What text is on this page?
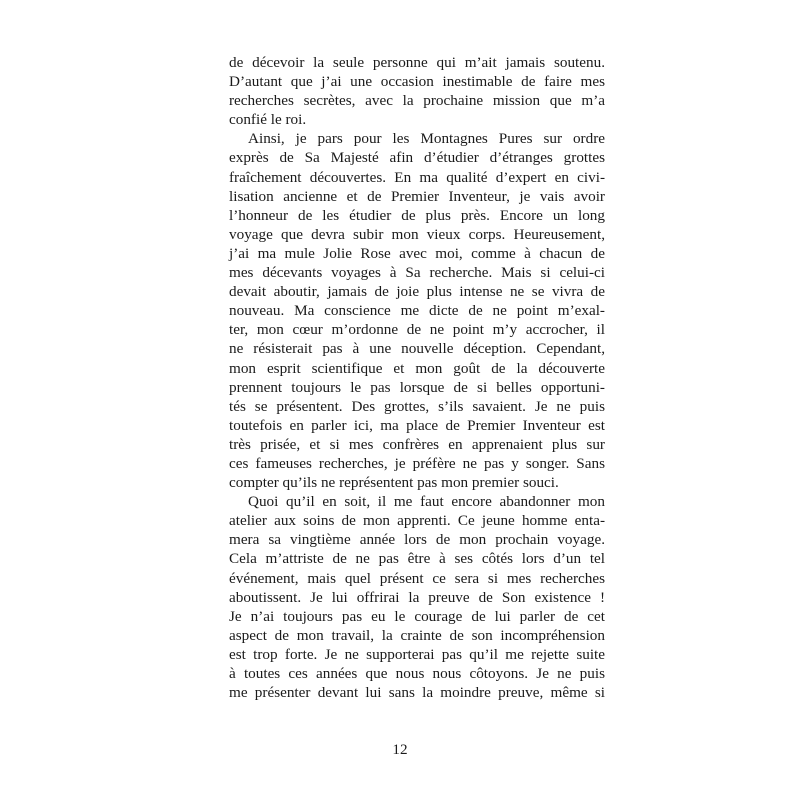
de décevoir la seule personne qui m’ait jamais soutenu.
D’autant que j’ai une occasion inestimable de faire mes
recherches secrètes, avec la prochaine mission que m’a
confié le roi.
Ainsi, je pars pour les Montagnes Pures sur ordre
exprès de Sa Majesté afin d’étudier d’étranges grottes
fraîchement découvertes. En ma qualité d’expert en civi-
lisation ancienne et de Premier Inventeur, je vais avoir
l’honneur de les étudier de plus près. Encore un long
voyage que devra subir mon vieux corps. Heureusement,
j’ai ma mule Jolie Rose avec moi, comme à chacun de
mes décevants voyages à Sa recherche. Mais si celui-ci
devait aboutir, jamais de joie plus intense ne se vivra de
nouveau. Ma conscience me dicte de ne point m’exal-
ter, mon cœur m’ordonne de ne point m’y accrocher, il
ne résisterait pas à une nouvelle déception. Cependant,
mon esprit scientifique et mon goût de la découverte
prennent toujours le pas lorsque de si belles opportuni-
tés se présentent. Des grottes, s’ils savaient. Je ne puis
toutefois en parler ici, ma place de Premier Inventeur est
très prisée, et si mes confrères en apprenaient plus sur
ces fameuses recherches, je préfère ne pas y songer. Sans
compter qu’ils ne représentent pas mon premier souci.
Quoi qu’il en soit, il me faut encore abandonner mon
atelier aux soins de mon apprenti. Ce jeune homme enta-
mera sa vingtième année lors de mon prochain voyage.
Cela m’attriste de ne pas être à ses côtés lors d’un tel
événement, mais quel présent ce sera si mes recherches
aboutissent. Je lui offrirai la preuve de Son existence !
Je n’ai toujours pas eu le courage de lui parler de cet
aspect de mon travail, la crainte de son incompréhension
est trop forte. Je ne supporterai pas qu’il me rejette suite
à toutes ces années que nous nous côtoyons. Je ne puis
me présenter devant lui sans la moindre preuve, même si
12
